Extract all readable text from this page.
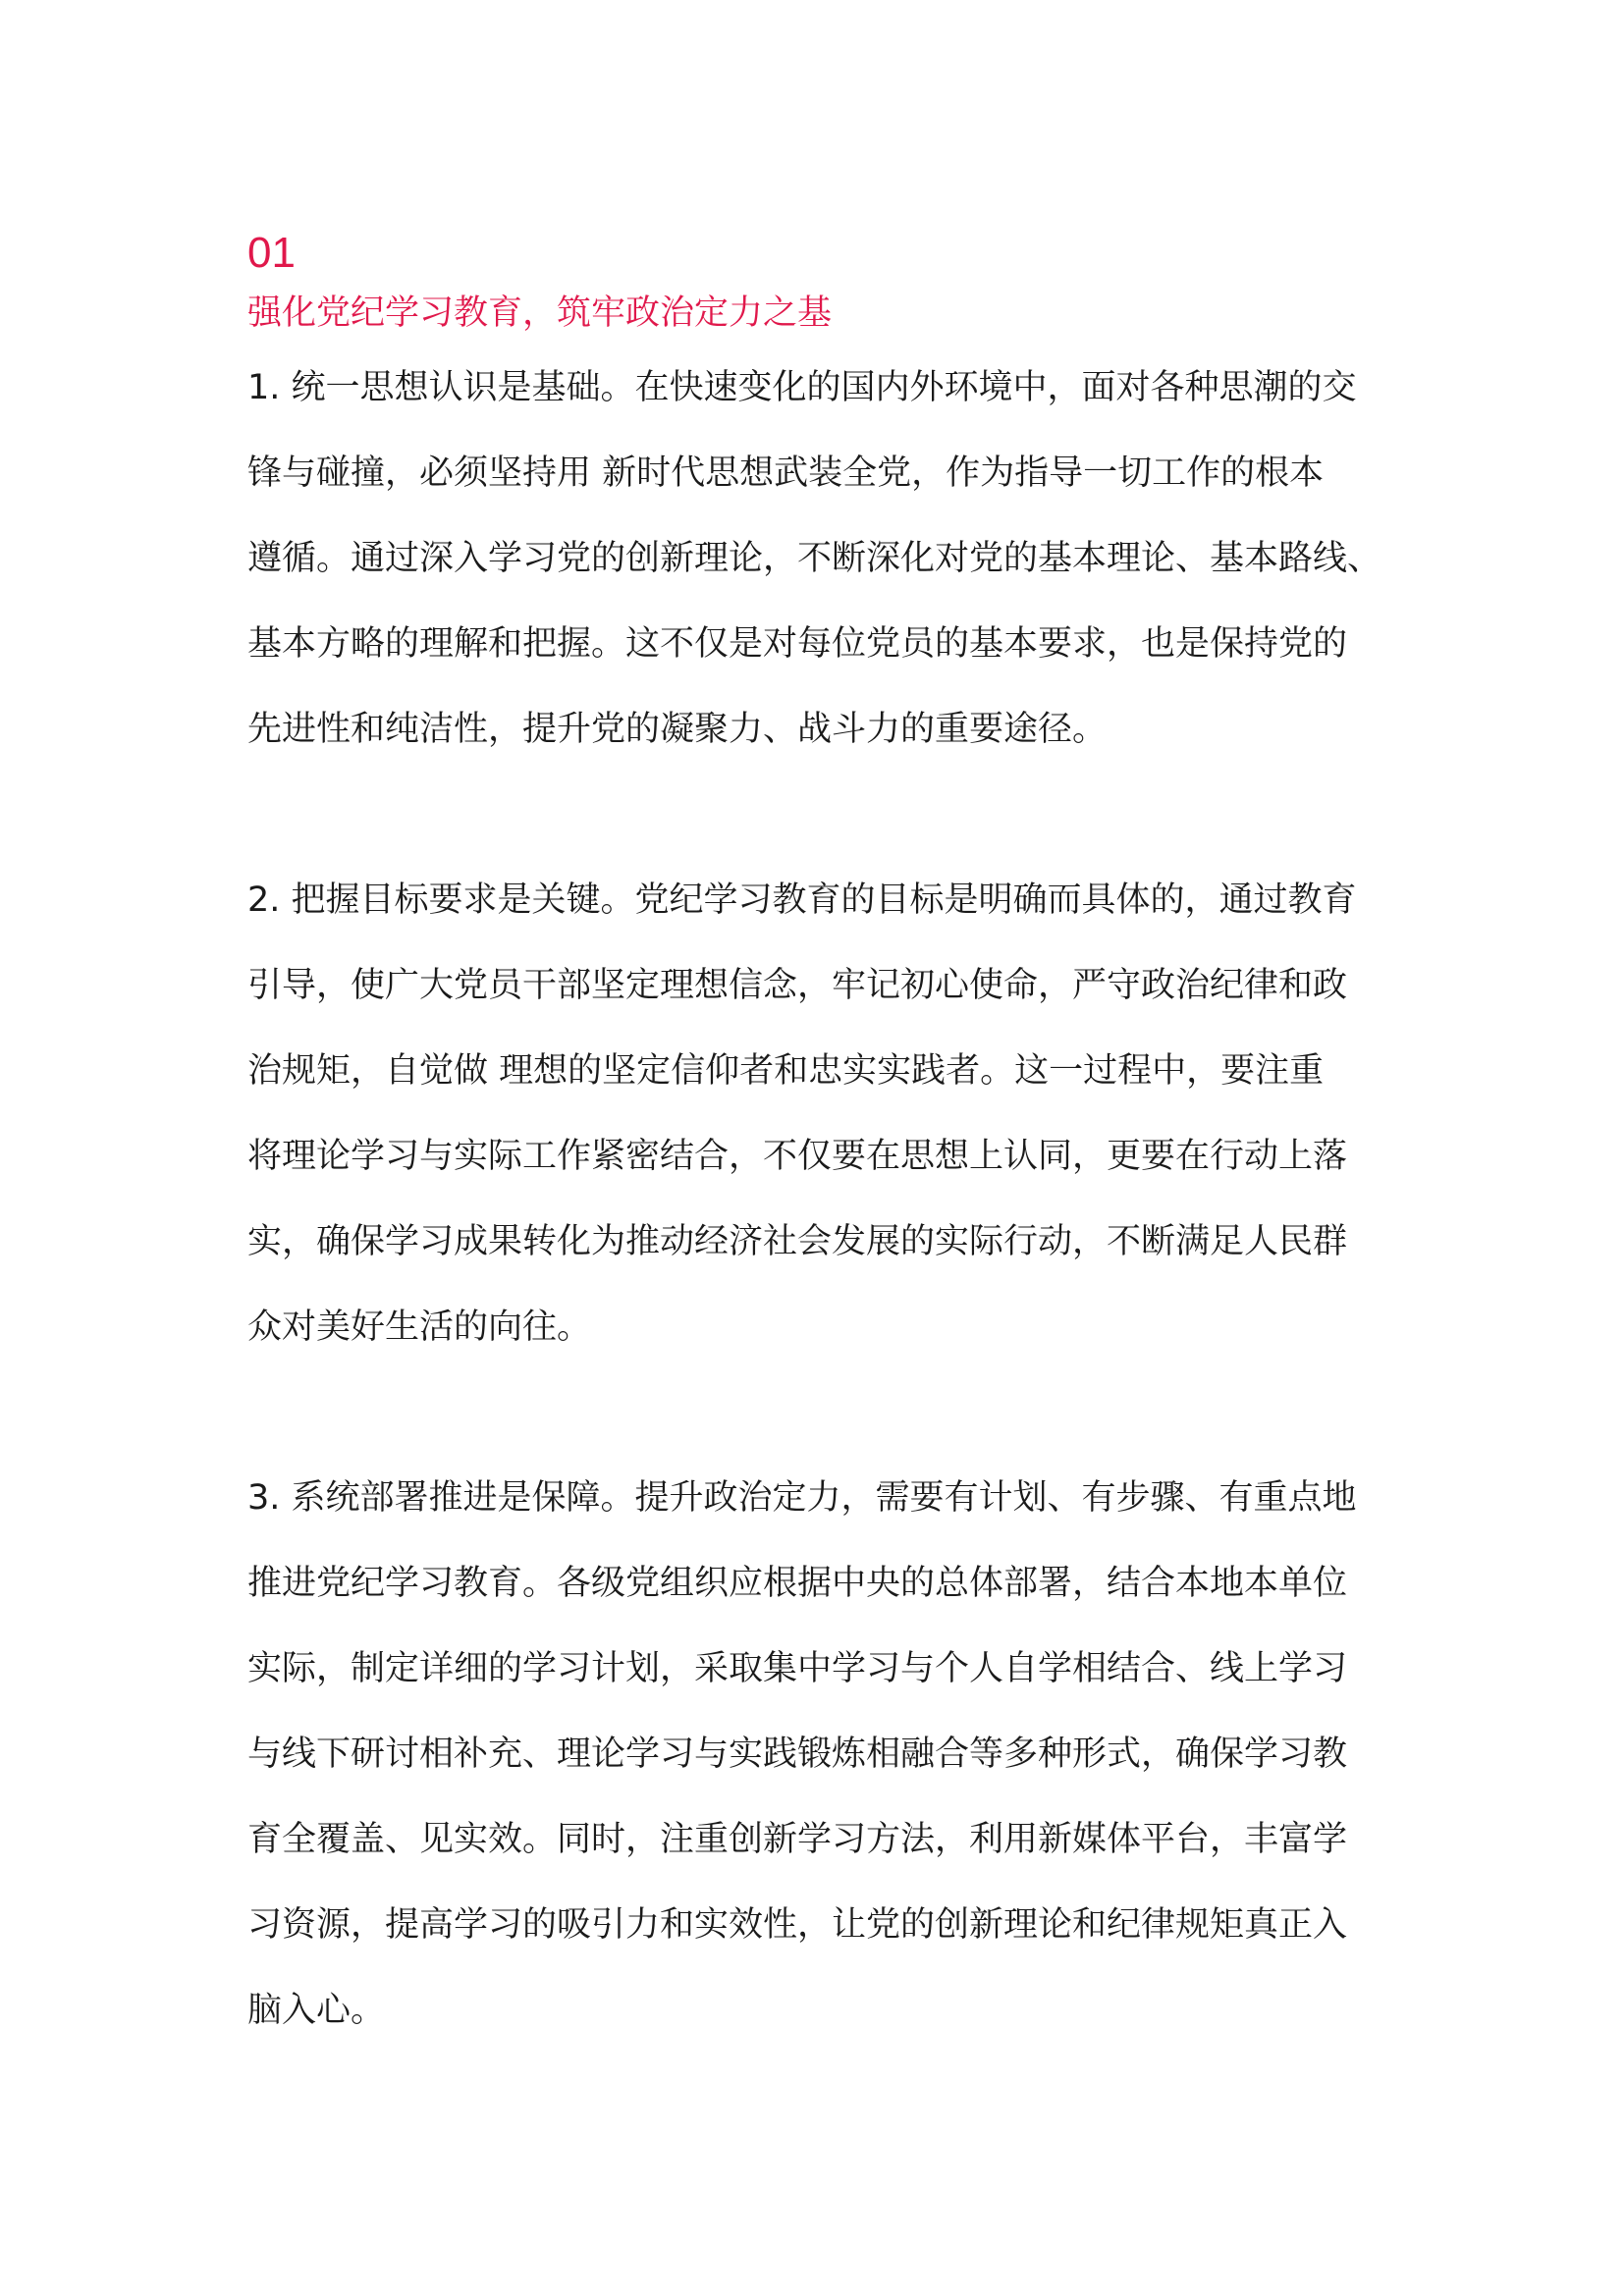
01
强化党纪学习教育，筑牢政治定力之基
1. 统一思想认识是基础。在快速变化的国内外环境中，面对各种思潮的交
锋与碰撞，必须坚持用 新时代思想武装全党，作为指导一切工作的根本
遵循。通过深入学习党的创新理论，不断深化对党的基本理论、基本路线、
基本方略的理解和把握。这不仅是对每位党员的基本要求，也是保持党的
先进性和纯洁性，提升党的凝聚力、战斗力的重要途径。
2. 把握目标要求是关键。党纪学习教育的目标是明确而具体的，通过教育
引导，使广大党员干部坚定理想信念，牢记初心使命，严守政治纪律和政
治规矩，自觉做 理想的坚定信仰者和忠实实践者。这一过程中，要注重
将理论学习与实际工作紧密结合，不仅要在思想上认同，更要在行动上落
实，确保学习成果转化为推动经济社会发展的实际行动，不断满足人民群
众对美好生活的向往。
3. 系统部署推进是保障。提升政治定力，需要有计划、有步骤、有重点地
推进党纪学习教育。各级党组织应根据中央的总体部署，结合本地本单位
实际，制定详细的学习计划，采取集中学习与个人自学相结合、线上学习
与线下研讨相补充、理论学习与实践锻炼相融合等多种形式，确保学习教
育全覆盖、见实效。同时，注重创新学习方法，利用新媒体平台，丰富学
习资源，提高学习的吸引力和实效性，让党的创新理论和纪律规矩真正入
脑入心。
